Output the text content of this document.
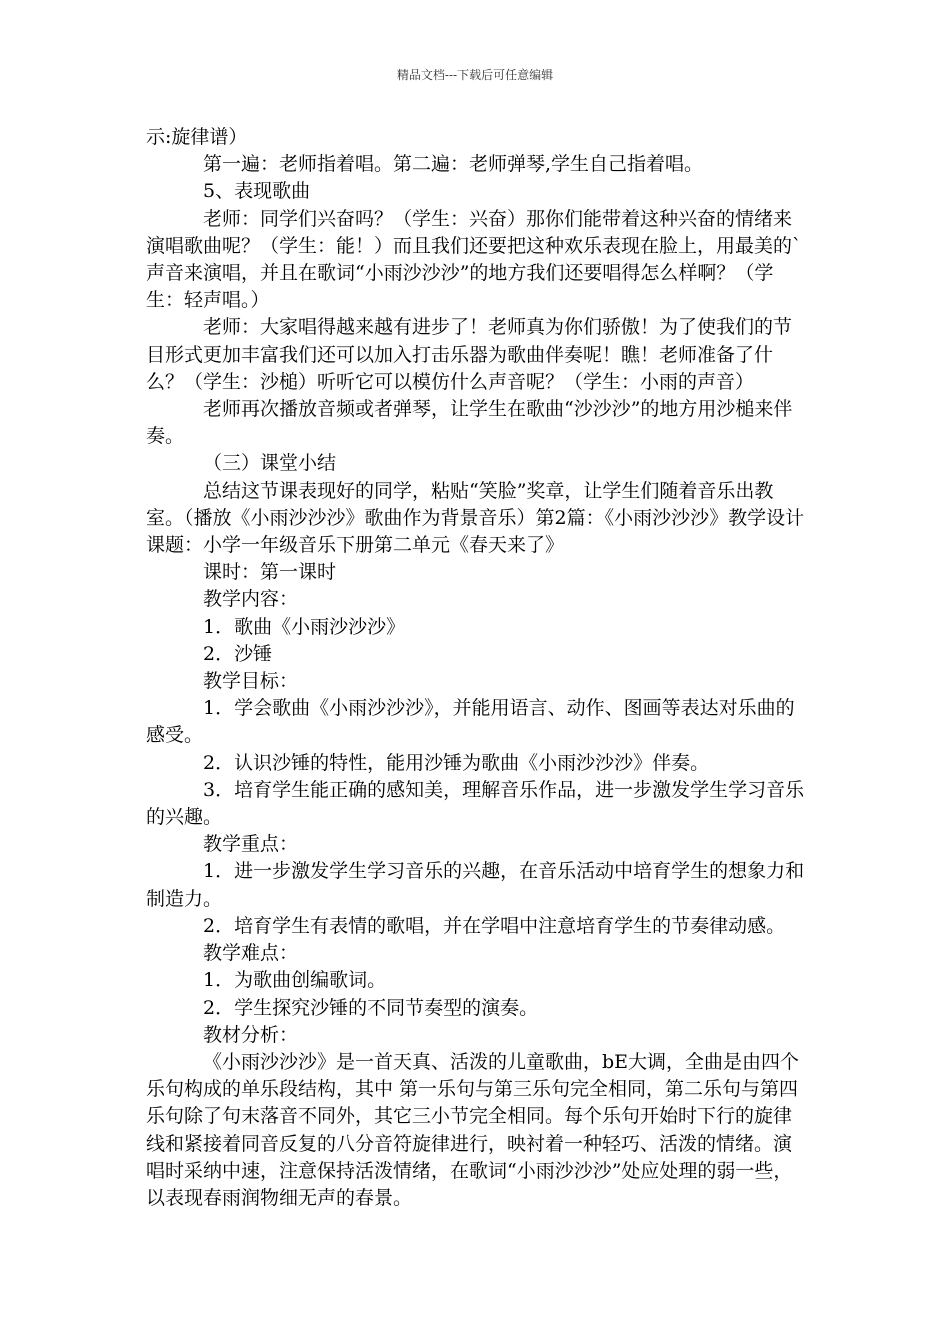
精品文档---下载后可任意编辑

示:旋律谱）

第一遍：老师指着唱。第二遍：老师弹琴,学生自己指着唱。

5、表现歌曲

老师：同学们兴奋吗？（学生：兴奋）那你们能带着这种兴奋的情绪来演唱歌曲呢？（学生：能！）而且我们还要把这种欢乐表现在脸上，用最美的`声音来演唱，并且在歌词“小雨沙沙沙”的地方我们还要唱得怎么样啊？（学生：轻声唱。）

老师：大家唱得越来越有进步了！老师真为你们骄傲！为了使我们的节目形式更加丰富我们还可以加入打击乐器为歌曲伴奏呢！瞧！老师准备了什么？（学生：沙槌）听听它可以模仿什么声音呢？（学生：小雨的声音）

老师再次播放音频或者弹琴，让学生在歌曲“沙沙沙”的地方用沙槌来伴奏。

（三）课堂小结

总结这节课表现好的同学，粘贴“笑脸”奖章，让学生们随着音乐出教室。（播放《小雨沙沙沙》歌曲作为背景音乐）第2篇：《小雨沙沙沙》教学设计课题：小学一年级音乐下册第二单元《春天来了》

课时：第一课时

教学内容：

1．歌曲《小雨沙沙沙》

2．沙锤

教学目标：

1．学会歌曲《小雨沙沙沙》，并能用语言、动作、图画等表达对乐曲的感受。

2．认识沙锤的特性，能用沙锤为歌曲《小雨沙沙沙》伴奏。

3．培育学生能正确的感知美，理解音乐作品，进一步激发学生学习音乐的兴趣。

教学重点：

1．进一步激发学生学习音乐的兴趣，在音乐活动中培育学生的想象力和制造力。

2．培育学生有表情的歌唱，并在学唱中注意培育学生的节奏律动感。

教学难点：

1．为歌曲创编歌词。

2．学生探究沙锤的不同节奏型的演奏。

教材分析：

《小雨沙沙沙》是一首天真、活泼的儿童歌曲，bE大调，全曲是由四个乐句构成的单乐段结构，其中 第一乐句与第三乐句完全相同，第二乐句与第四乐句除了句末落音不同外，其它三小节完全相同。每个乐句开始时下行的旋律线和紧接着同音反复的八分音符旋律进行，映衬着一种轻巧、活泼的情绪。演唱时采纳中速，注意保持活泼情绪，在歌词“小雨沙沙沙”处应处理的弱一些，以表现春雨润物细无声的春景。
